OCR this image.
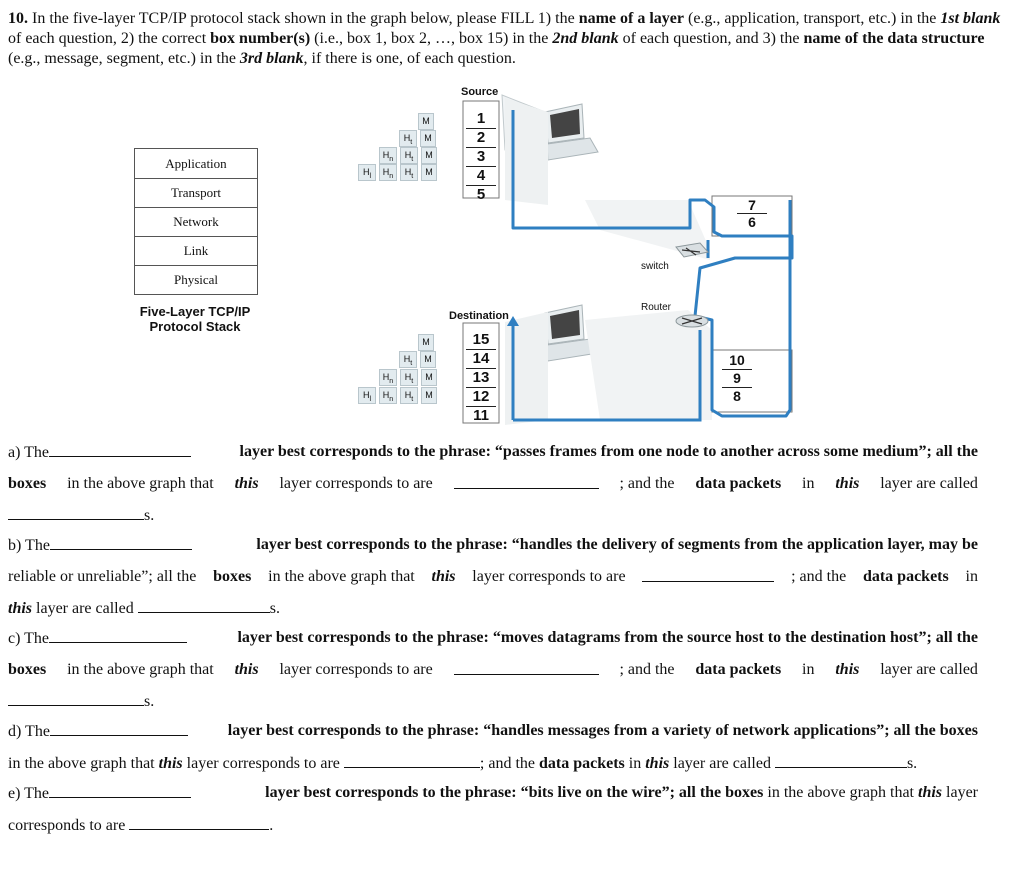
10. In the five-layer TCP/IP protocol stack shown in the graph below, please FILL 1) the name of a layer (e.g., application, transport, etc.) in the 1st blank of each question, 2) the correct box number(s) (i.e., box 1, box 2, …, box 15) in the 2nd blank of each question, and 3) the name of the data structure (e.g., message, segment, etc.) in the 3rd blank, if there is one, of each question.
Application
Transport
Network
Link
Physical
Five-Layer TCP/IP
Protocol Stack
Source
Destination
switch
Router
M
$H_t$	M
$H_n$	$H_t$	M
$H_l$	$H_n$	$H_t$	M
M
$H_t$	M
$H_n$	$H_t$	M
$H_l$	$H_n$	$H_t$	M
1
2
3
4
5
15
14
13
12
11
7
6
10
9
8
a) The	layer best corresponds to the phrase: “passes frames from one node to another across some medium”; all the
boxes in the above graph that this layer corresponds to are	; and the data packets in this layer are called
s.
b) The	layer best corresponds to the phrase: “handles the delivery of segments from the application layer, may be
reliable or unreliable”; all the boxes in the above graph that this layer corresponds to are	; and the data packets in
this layer are called	s.
c) The	layer best corresponds to the phrase: “moves datagrams from the source host to the destination host”; all the
boxes in the above graph that this layer corresponds to are	; and the data packets in this layer are called
s.
d) The	layer best corresponds to the phrase: “handles messages from a variety of network applications”; all the boxes
in the above graph that this layer corresponds to are	; and the data packets in this layer are called	s.
e) The	layer best corresponds to the phrase: “bits live on the wire”; all the boxes in the above graph that this layer
corresponds to are	.
